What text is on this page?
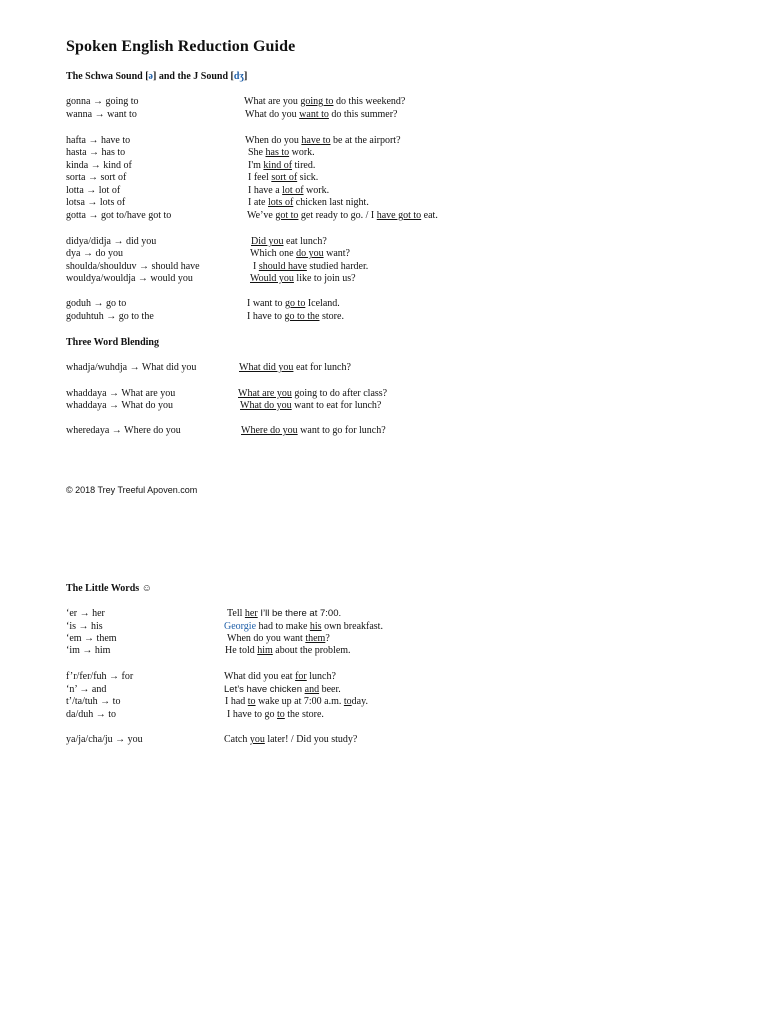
Spoken English Reduction Guide
The Schwa Sound [ə] and the J Sound [dʒ]
gonna → going to	What are you going to do this weekend?
wanna → want to	What do you want to do this summer?
hafta → have to	When do you have to be at the airport?
hasta → has to	She has to work.
kinda → kind of	I'm kind of tired.
sorta → sort of	I feel sort of sick.
lotta → lot of	I have a lot of work.
lotsa → lots of	I ate lots of chicken last night.
gotta → got to/have got to	We’ve got to get ready to go. / I have got to eat.
didya/didja → did you	Did you eat lunch?
dya → do you	Which one do you want?
shoulda/shoulduv → should have	I should have studied harder.
wouldya/wouldja → would you	Would you like to join us?
goduh → go to	I want to go to Iceland.
goduhtuh → go to the	I have to go to the store.
Three Word Blending
whadja/wuhdja → What did you	What did you eat for lunch?
whaddaya → What are you	What are you going to do after class?
whaddaya → What do you	What do you want to eat for lunch?
wheredaya → Where do you	Where do you want to go for lunch?
© 2018 Trey Treeful Apoven.com
The Little Words ☺
‘er → her	Tell her I’ll be there at 7:00.
‘is → his	Georgie had to make his own breakfast.
‘em → them	When do you want them?
‘im → him	He told him about the problem.
f’r/fer/fuh → for	What did you eat for lunch?
‘n’ → and	Let’s have chicken and beer.
t’/ta/tuh → to	I had to wake up at 7:00 a.m. today.
da/duh → to	I have to go to the store.
ya/ja/cha/ju → you	Catch you later! / Did you study?
